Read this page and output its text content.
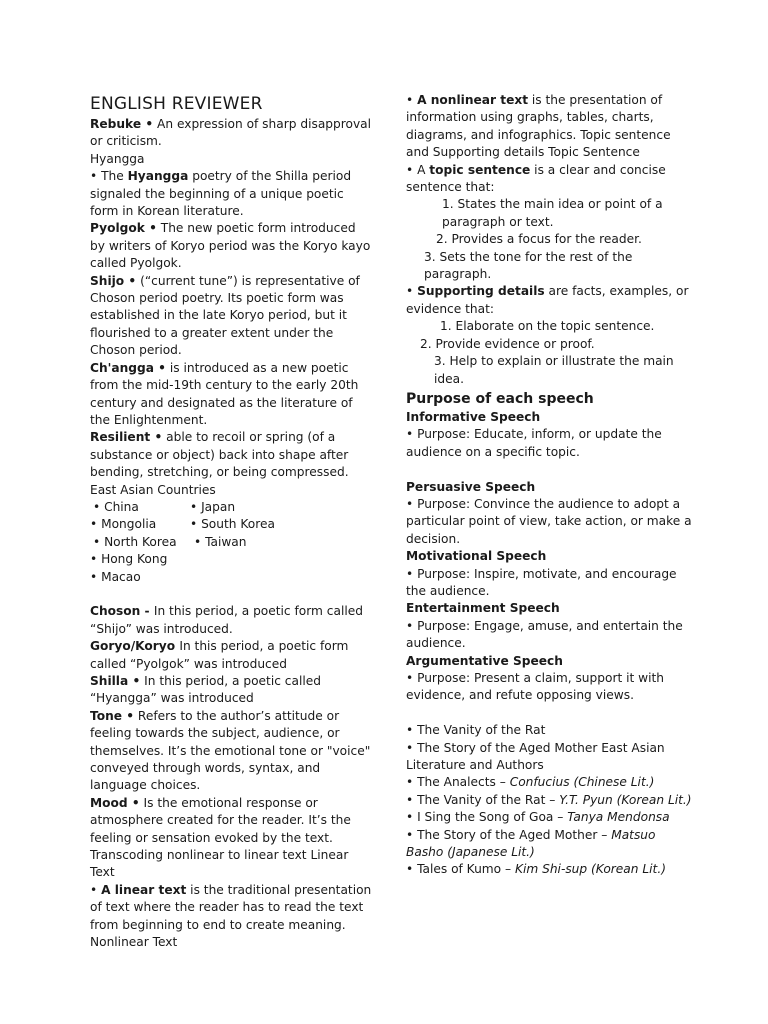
ENGLISH REVIEWER

Rebuke • An expression of sharp disapproval or criticism.

Hyangga

• The Hyangga poetry of the Shilla period signaled the beginning of a unique poetic form in Korean literature.

Pyolgok • The new poetic form introduced by writers of Koryo period was the Koryo kayo called Pyolgok.

Shijo • (“current tune”) is representative of Choson period poetry. Its poetic form was established in the late Koryo period, but it flourished to a greater extent under the Choson period.

Ch'angga • is introduced as a new poetic from the mid-19th century to the early 20th century and designated as the literature of the Enlightenment.

Resilient • able to recoil or spring (of a substance or object) back into shape after bending, stretching, or being compressed.

East Asian Countries

• China	• Japan
• Mongolia	• South Korea
• North Korea	• Taiwan
• Hong Kong
• Macao

Choson - In this period, a poetic form called “Shijo” was introduced.

Goryo/Koryo In this period, a poetic form called “Pyolgok” was introduced

Shilla • In this period, a poetic called “Hyangga” was introduced

Tone • Refers to the author’s attitude or feeling towards the subject, audience, or themselves. It’s the emotional tone or "voice" conveyed through words, syntax, and language choices.

Mood • Is the emotional response or atmosphere created for the reader. It’s the feeling or sensation evoked by the text. Transcoding nonlinear to linear text Linear Text

• A linear text is the traditional presentation of text where the reader has to read the text from beginning to end to create meaning. Nonlinear Text

• A nonlinear text is the presentation of information using graphs, tables, charts, diagrams, and infographics. Topic sentence and Supporting details Topic Sentence

• A topic sentence is a clear and concise sentence that:

1. States the main idea or point of a paragraph or text.

2. Provides a focus for the reader.

3. Sets the tone for the rest of the paragraph.

• Supporting details are facts, examples, or evidence that:

1. Elaborate on the topic sentence.

2. Provide evidence or proof.

3. Help to explain or illustrate the main idea.

Purpose of each speech

Informative Speech

• Purpose: Educate, inform, or update the audience on a specific topic.

Persuasive Speech

• Purpose: Convince the audience to adopt a particular point of view, take action, or make a decision.

Motivational Speech

• Purpose: Inspire, motivate, and encourage the audience.

Entertainment Speech

• Purpose: Engage, amuse, and entertain the audience.

Argumentative Speech

• Purpose: Present a claim, support it with evidence, and refute opposing views.

• The Vanity of the Rat

• The Story of the Aged Mother East Asian Literature and Authors

• The Analects – Confucius (Chinese Lit.)

• The Vanity of the Rat – Y.T. Pyun (Korean Lit.)

• I Sing the Song of Goa – Tanya Mendonsa

• The Story of the Aged Mother – Matsuo Basho (Japanese Lit.)

• Tales of Kumo – Kim Shi-sup (Korean Lit.)
